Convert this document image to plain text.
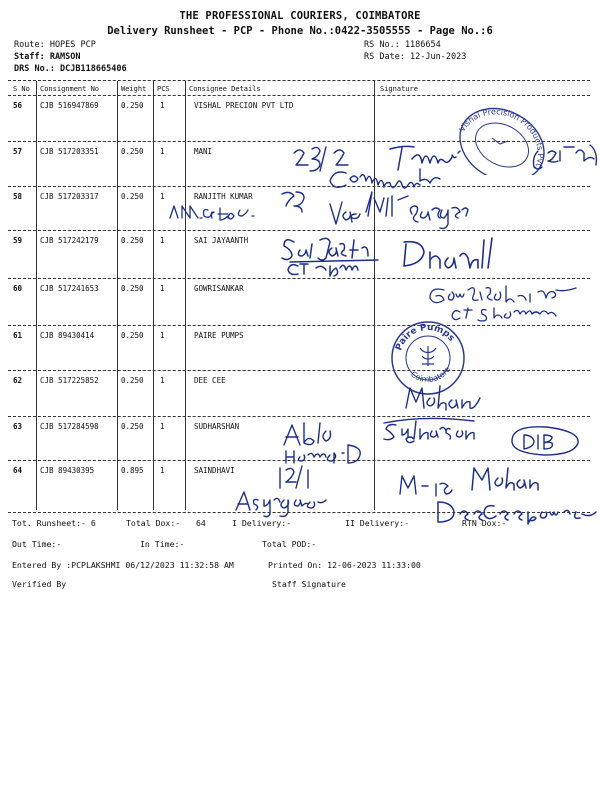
THE PROFESSIONAL COURIERS, COIMBATORE
Delivery Runsheet - PCP - Phone No.:0422-3505555 - Page No.:6
Route: HOPES PCP
Staff: RAMSON
DRS No.: DCJB118665406
RS No.: 1186654
RS Date: 12-Jun-2023
S No Consignment No	Weight PCS	Consignee Details	Signature
56 CJB 516947869	0.250 1	VISHAL PRECION PVT LTD
57 CJB 517203351	0.250 1	MANI
58 CJB 517203317	0.250 1	RANJITH KUMAR
59 CJB 517242179	0.250 1	SAI JAYAANTH
60 CJB 517241653	0.250 1	GOWRISANKAR
61 CJB 89430414	0.250 1	PAIRE PUMPS
62 CJB 517225852	0.250 1	DEE CEE
63 CJB 517284598	0.250 1	SUDHARSHAN
64 CJB 89430395	0.895 1	SAINDHAVI
Tot. Runsheet:- 6	Total Dox:- 64	I Delivery:-	II Delivery:-	RTN Dox:-
Out Time:-	In Time:-	Total POD:-
Entered By :PCPLAKSHMI 06/12/2023 11:32:58 AM	Printed On: 12-06-2023 11:33:00
Verified By	Staff Signature
Vishal Precision Products Pvt.
Paire Pumps
Coimbatore
